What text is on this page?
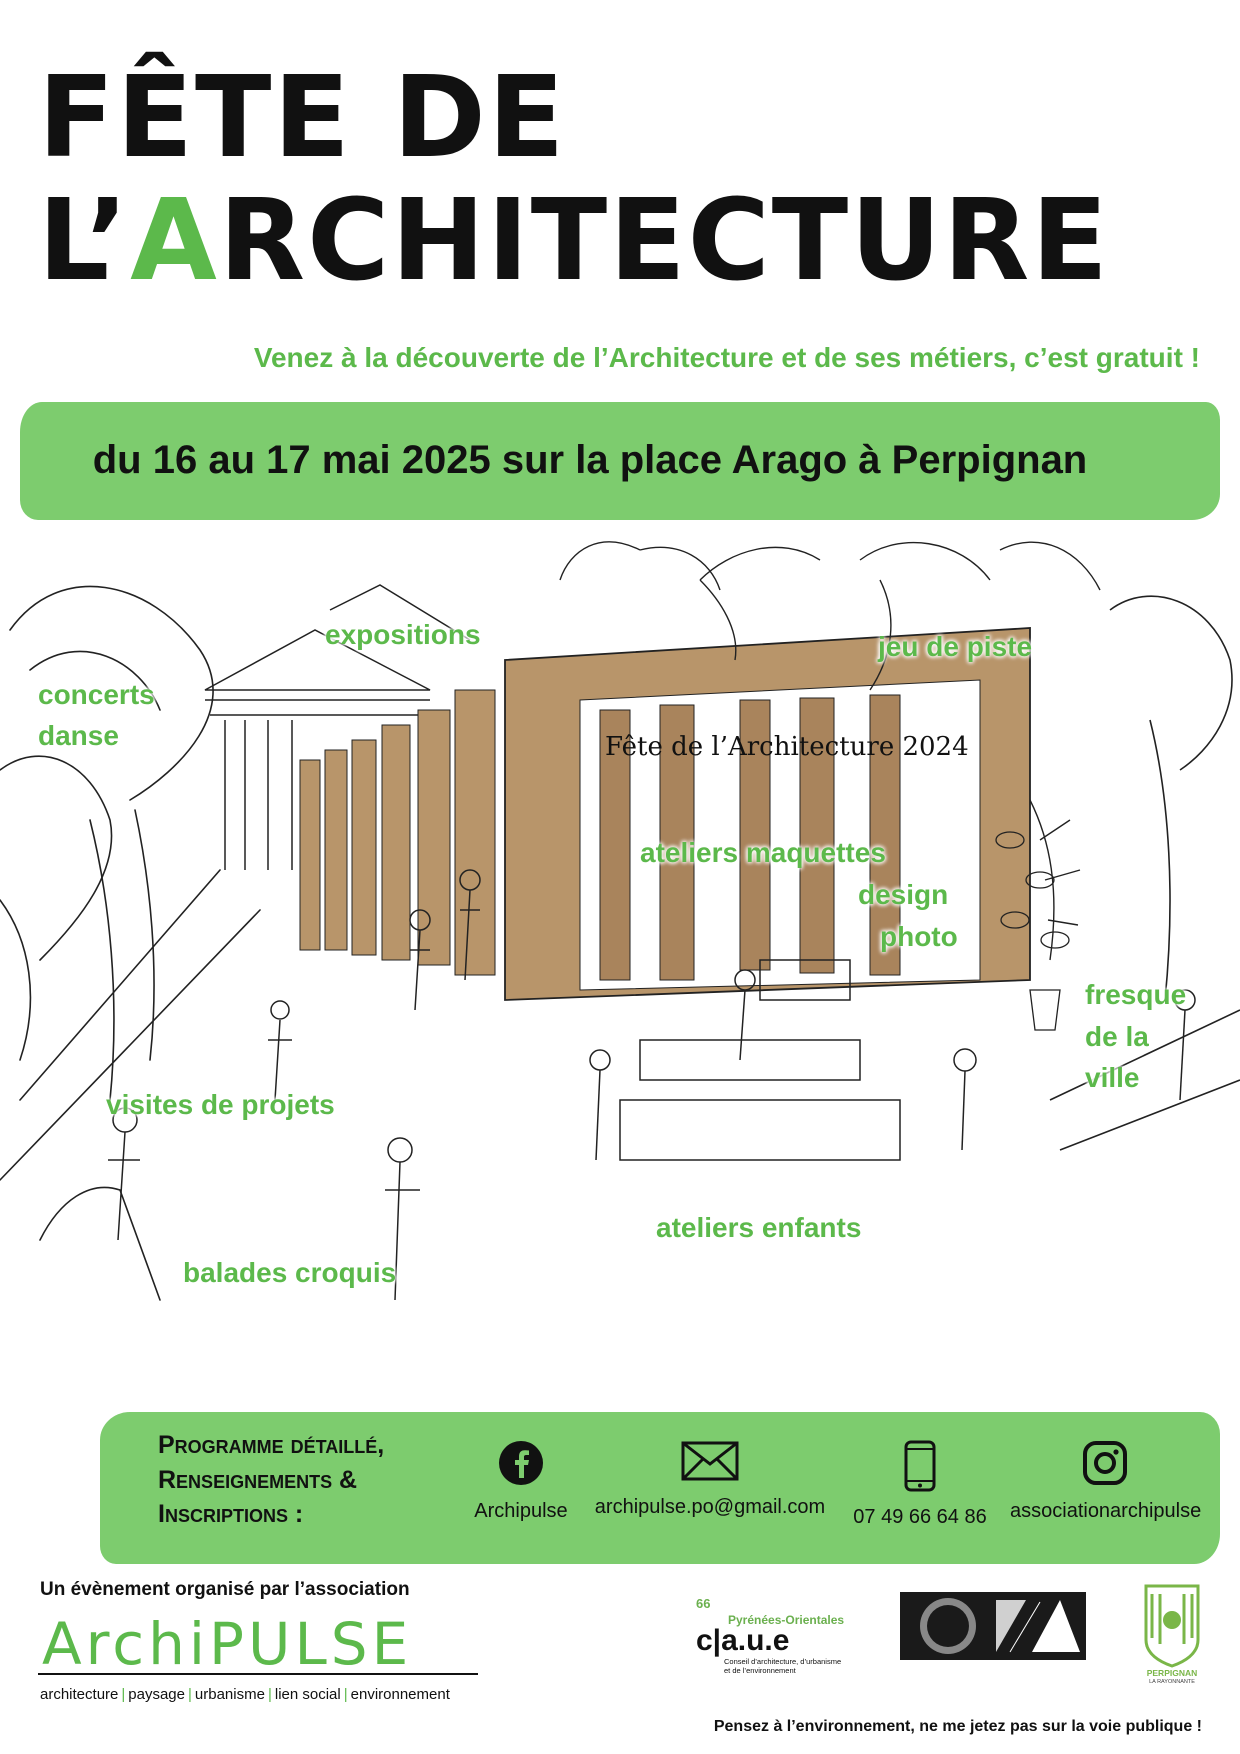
FÊTE DE
L’ARCHITECTURE
Venez à la découverte de l’Architecture et de ses métiers, c’est gratuit !
du 16 au 17 mai 2025 sur la place Arago à Perpignan
Fête de l’Architecture 2024
expositions	jeu de piste
concerts
danse
ateliers maquettes
design
photo
fresque
de la
ville
visites de projets
ateliers enfants
balades croquis
Programme détaillé,
Renseignements &
Inscriptions :	Archipulse	archipulse.po@gmail.com	07 49 66 64 86	associationarchipulse
Un évènement organisé par l’association
ArchiPULSE
architecture | paysage | urbanisme | lien social | environnement
66
Pyrénées-Orientales
c|a.u.e
Conseil d’architecture, d’urbanisme
et de l’environnement	PERPIGNAN
LA RAYONNANTE
Pensez à l’environnement, ne me jetez pas sur la voie publique !
